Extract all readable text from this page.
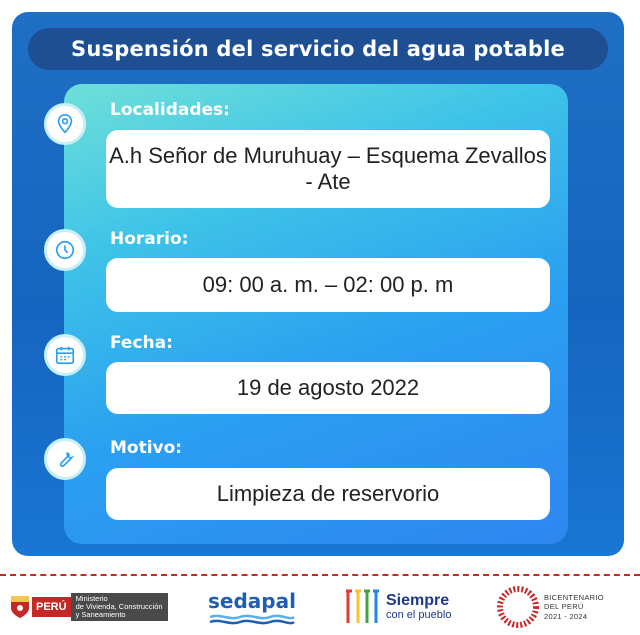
Suspensión del servicio del agua potable
Localidades:
A.h Señor de Muruhuay – Esquema Zevallos - Ate
Horario:
09: 00 a. m. – 02: 00 p. m
Fecha:
19 de agosto 2022
Motivo:
Limpieza de reservorio
PERÚ
Ministerio
de Vivienda, Construcción
y Saneamiento
sedapal	Siempre
con el pueblo
BICENTENARIO
DEL PERÚ
2021 - 2024
